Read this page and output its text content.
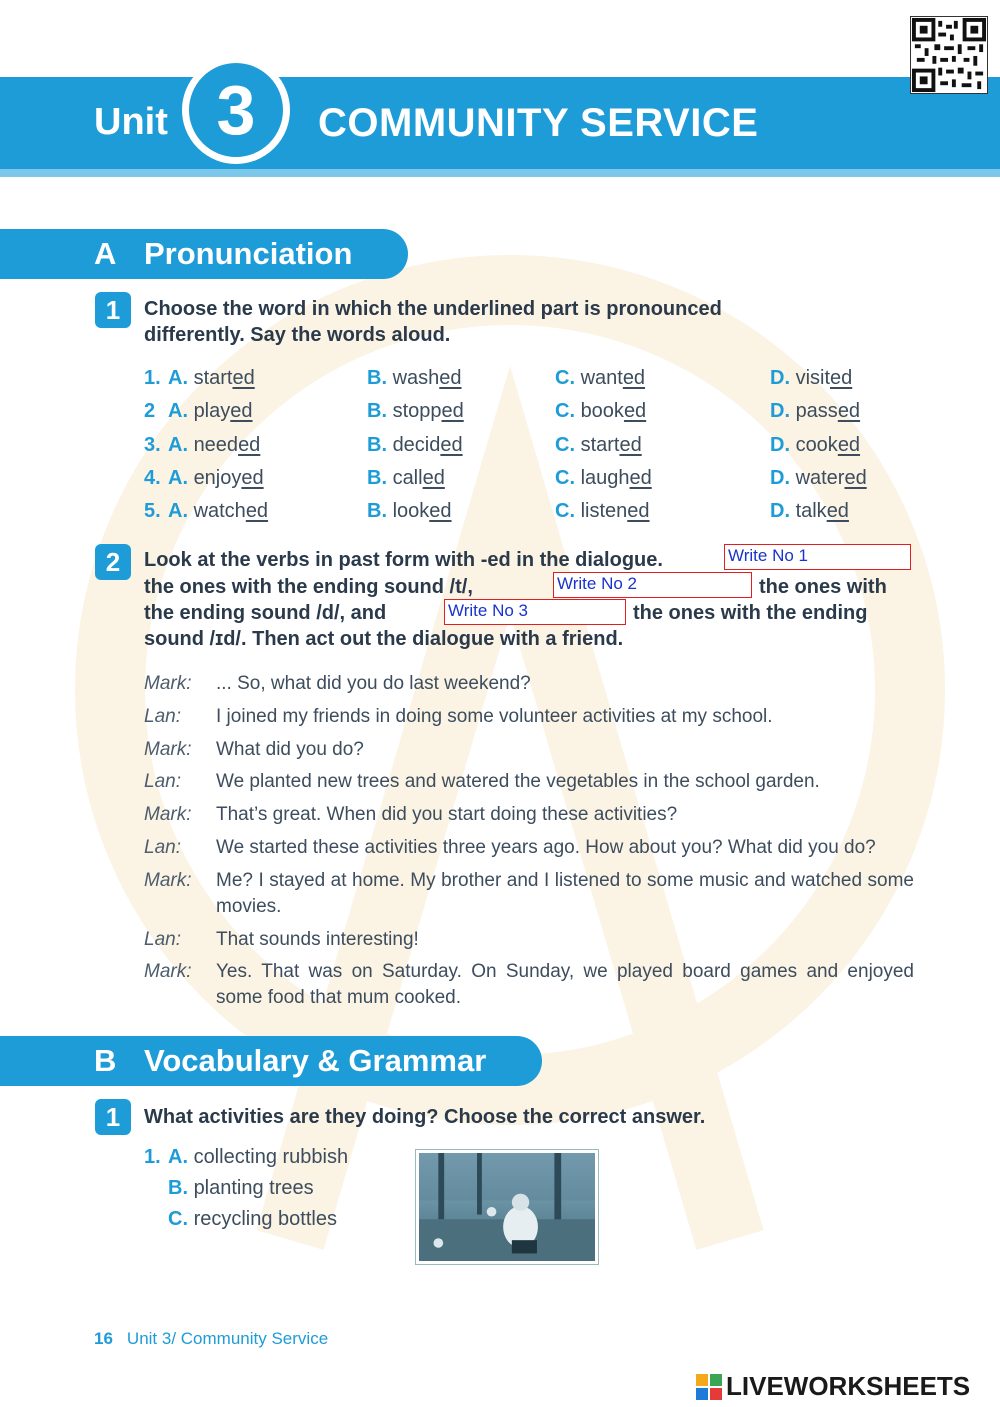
Unit 3	COMMUNITY SERVICE
A Pronunciation
1	Choose the word in which the underlined part is pronounced
differently. Say the words aloud.
1. A. started	B. washed	C. wanted	D. visited
2 A. played	B. stopped	C. booked	D. passed
3. A. needed	B. decided	C. started	D. cooked
4. A. enjoyed	B. called	C. laughed	D. watered
5. A. watched	B. looked	C. listened	D. talked
2	Look at the verbs in past form with -ed in the dialogue.	Write No 1
the ones with the ending sound /t/,	Write No 2	the ones with
the ending sound /d/, and	Write No 3	the ones with the ending
sound /ɪd/. Then act out the dialogue with a friend.
Mark: ... So, what did you do last weekend?
Lan: I joined my friends in doing some volunteer activities at my school.
Mark: What did you do?
Lan: We planted new trees and watered the vegetables in the school garden.
Mark: That’s great. When did you start doing these activities?
Lan: We started these activities three years ago. How about you? What did you do?
Mark: Me? I stayed at home. My brother and I listened to some music and watched some movies.
Lan: That sounds interesting!
Mark: Yes. That was on Saturday. On Sunday, we played board games and enjoyed some food that mum cooked.
B Vocabulary & Grammar
1	What activities are they doing? Choose the correct answer.
1. A. collecting rubbish
B. planting trees
C. recycling bottles
16 Unit 3/ Community Service
LIVEWORKSHEETS
